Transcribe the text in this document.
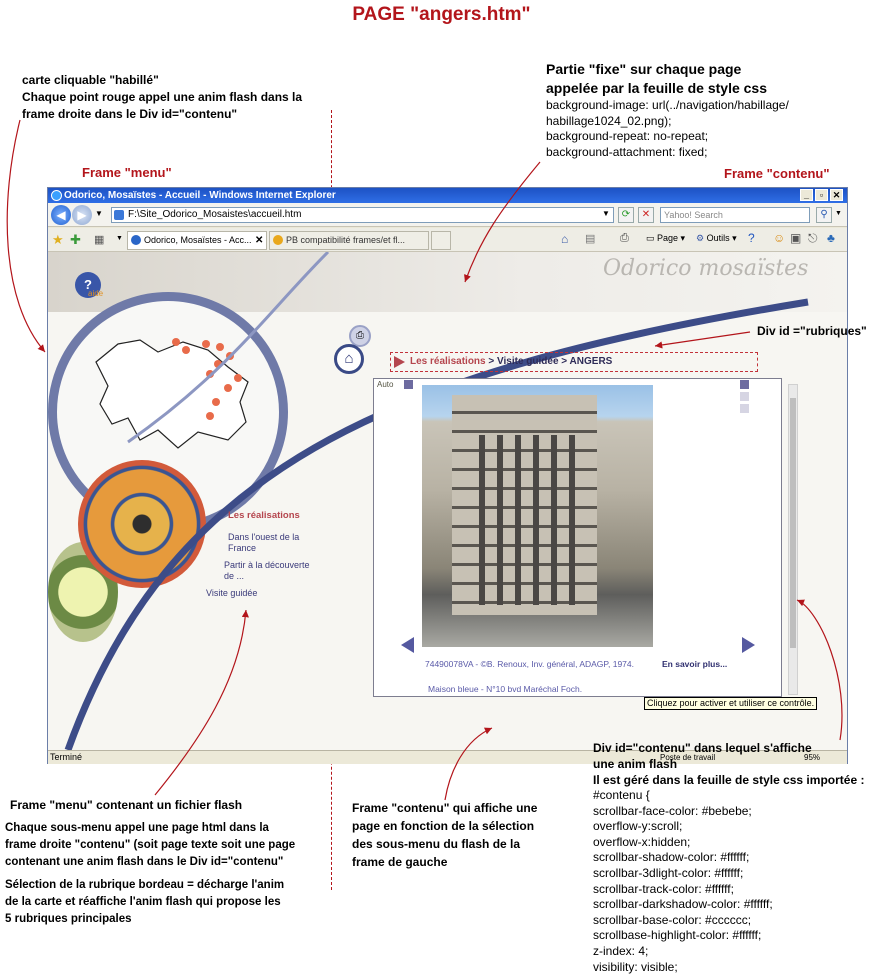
PAGE "angers.htm"
carte cliquable "habillé"
Chaque point rouge appel une anim flash dans la
frame droite dans le Div id="contenu"
Partie "fixe" sur chaque page
appelée par la feuille de style css
background-image: url(../navigation/habillage/
habillage1024_02.png);
background-repeat: no-repeat;
background-attachment: fixed;
Frame "menu"	Frame "contenu"
Odorico, Mosaïstes - Accueil - Windows Internet Explorer	_	▫	✕
◀ ▶	▼	F:\Site_Odorico_Mosaistes\accueil.htm	▼	⟳	✕	Yahoo! Search	⚲	▼
★ ✚ ▦ ▼	Odorico, Mosaïstes - Acc... ✕	PB compatibilité frames/et fl...	⌂ ▤ ⎙ ▭ Page ▾ ⚙ Outils ▾ ? ☺ ▣ ⎋ ♣
Odorico mosaïstes
?
aide
Les réalisations
Dans l'ouest de la
France
Partir à la découverte
de ...
Visite guidée
⎙
⌂	Les réalisations > Visite guidée > ANGERS
Auto
74490078VA - ©B. Renoux, Inv. général, ADAGP, 1974.	En savoir plus...
Maison bleue - N°10 bvd Maréchal Foch.
Cliquez pour activer et utiliser ce contrôle.
Terminé	Poste de travail	95%
Div id ="rubriques"
Frame "menu" contenant un fichier flash
Chaque sous-menu appel une page html dans la
frame droite "contenu" (soit page texte soit une page
contenant une anim flash dans le Div id="contenu"
Sélection de la rubrique bordeau = décharge l'anim
de la carte et réaffiche l'anim flash qui propose les
5 rubriques principales
Frame "contenu" qui affiche une
page en fonction de la sélection
des sous-menu du flash de la
frame de gauche
Div id="contenu" dans lequel s'affiche
une anim flash
Il est géré dans la feuille de style css importée :
#contenu {
scrollbar-face-color: #bebebe;
overflow-y:scroll;
overflow-x:hidden;
scrollbar-shadow-color: #ffffff;
scrollbar-3dlight-color: #ffffff;
scrollbar-track-color: #ffffff;
scrollbar-darkshadow-color: #ffffff;
scrollbar-base-color: #cccccc;
scrollbase-highlight-color: #ffffff;
z-index: 4;
visibility: visible;
